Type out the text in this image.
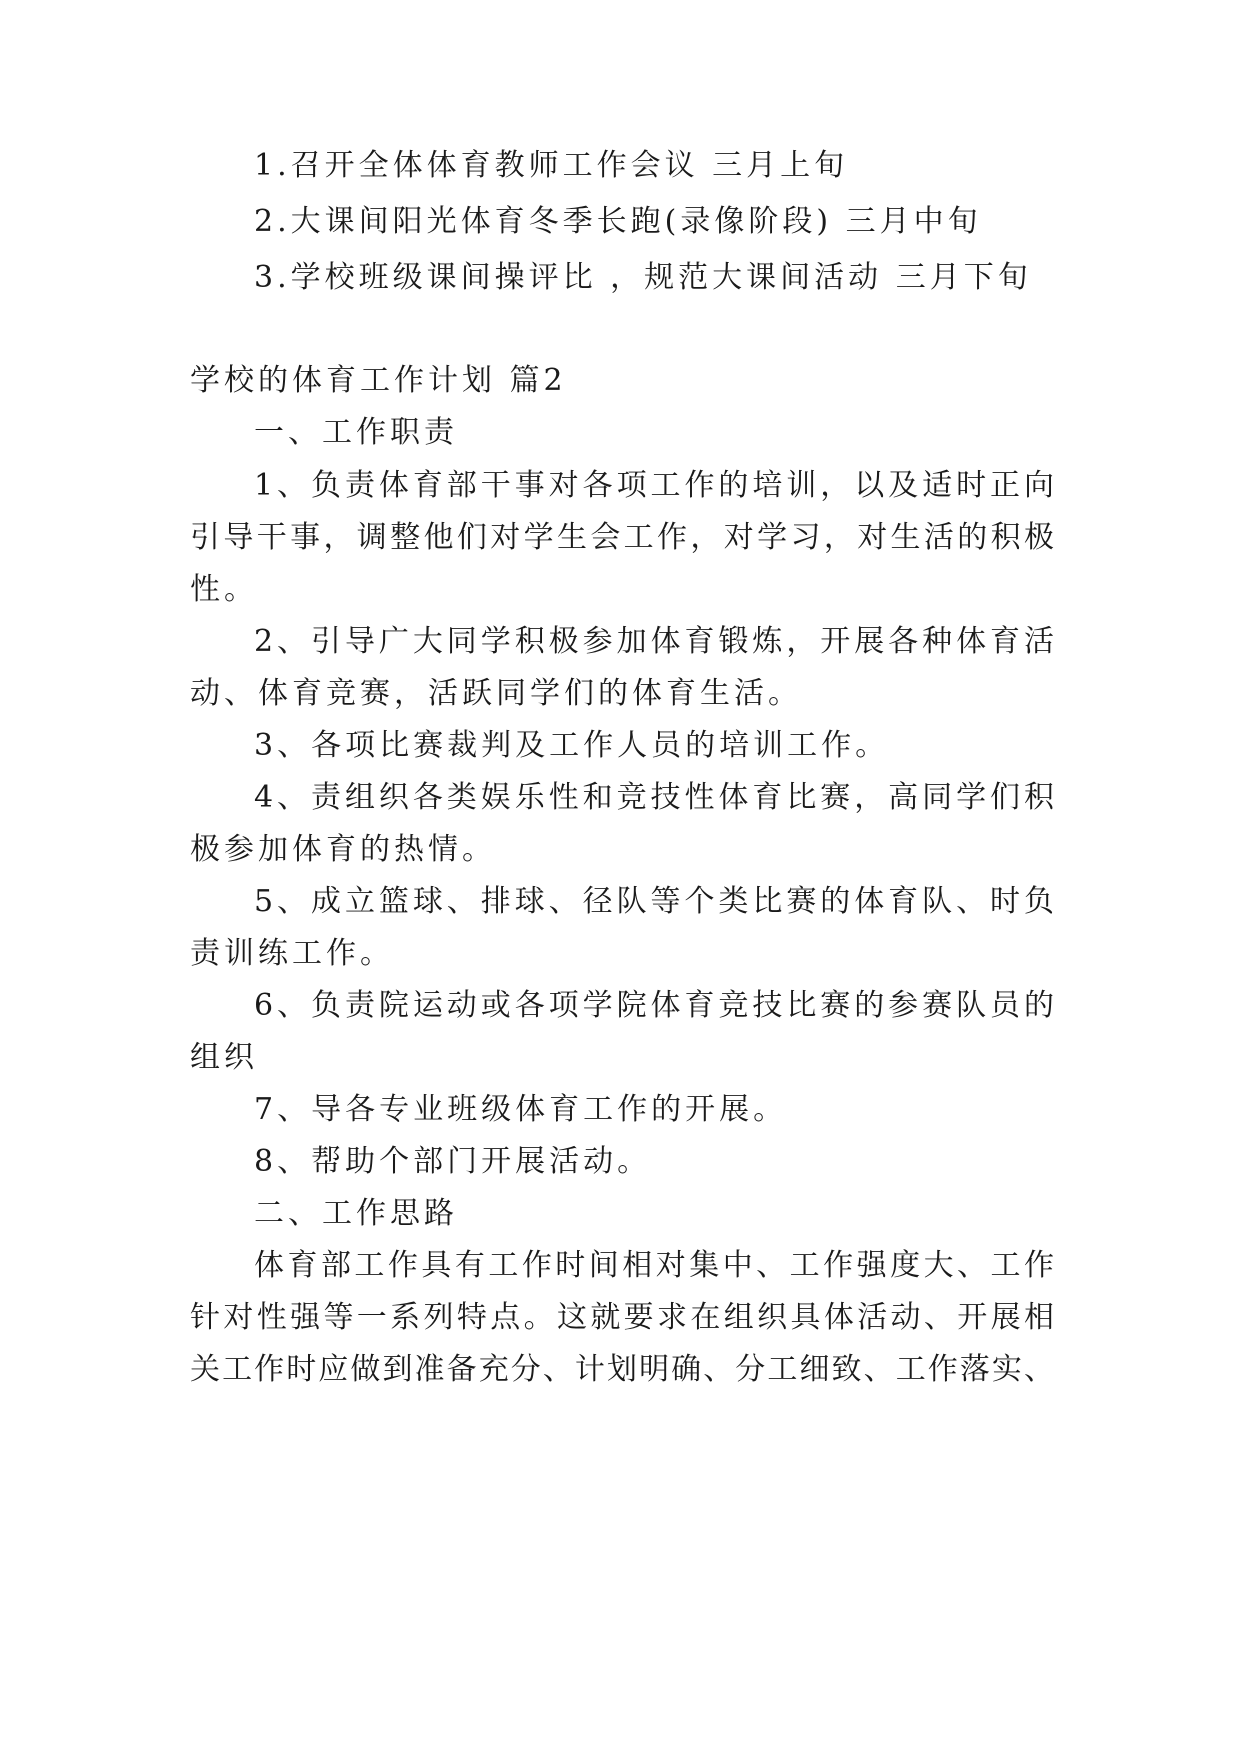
1.召开全体体育教师工作会议 三月上旬
2.大课间阳光体育冬季长跑(录像阶段) 三月中旬
3.学校班级课间操评比 ，规范大课间活动 三月下旬
学校的体育工作计划 篇2
一、工作职责
1、负责体育部干事对各项工作的培训，以及适时正向
引导干事，调整他们对学生会工作，对学习，对生活的积极
性。
2、引导广大同学积极参加体育锻炼，开展各种体育活
动、体育竞赛，活跃同学们的体育生活。
3、各项比赛裁判及工作人员的培训工作。
4、责组织各类娱乐性和竞技性体育比赛，高同学们积
极参加体育的热情。
5、成立篮球、排球、径队等个类比赛的体育队、时负
责训练工作。
6、负责院运动或各项学院体育竞技比赛的参赛队员的
组织
7、导各专业班级体育工作的开展。
8、帮助个部门开展活动。
二、工作思路
体育部工作具有工作时间相对集中、工作强度大、工作
针对性强等一系列特点。这就要求在组织具体活动、开展相
关工作时应做到准备充分、计划明确、分工细致、工作落实、
